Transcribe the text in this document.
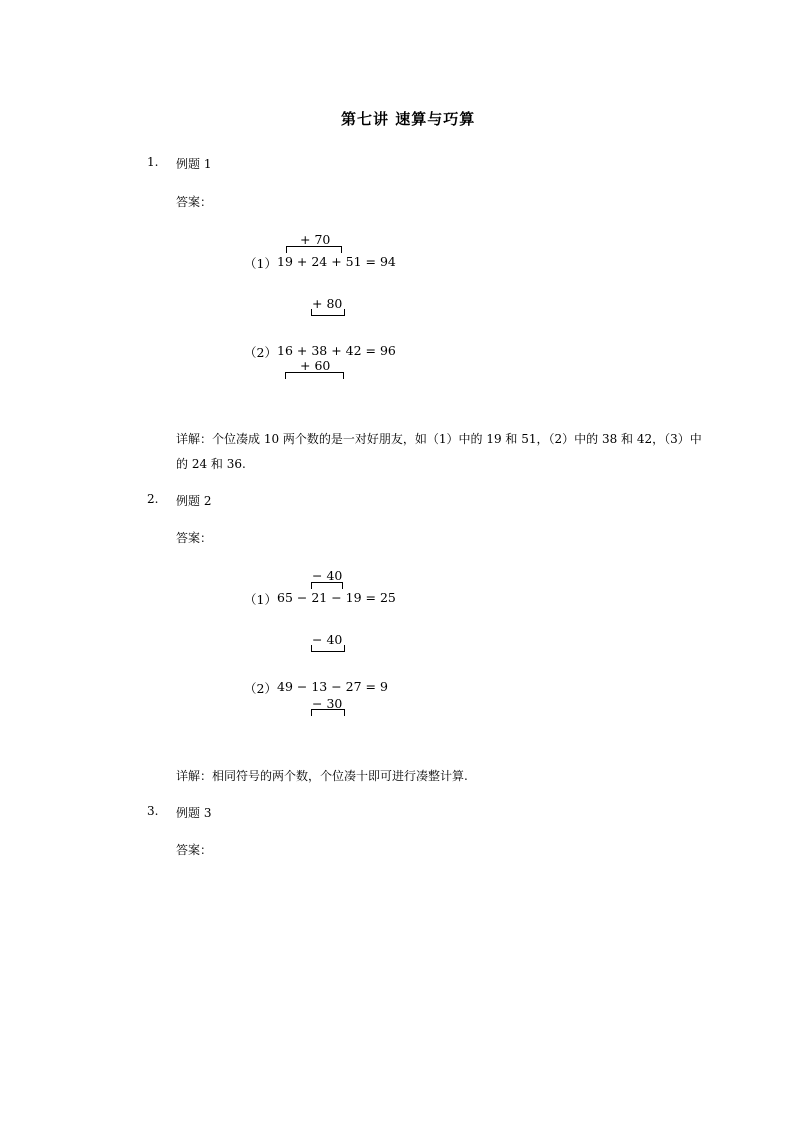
第七讲 速算与巧算
1. 例题 1
答案：
+ 70
（1） 19 + 24 + 51 = 94
+ 80
（2） 16 + 38 + 42 = 96
+ 60
详解：个位凑成 10 两个数的是一对好朋友，如（1）中的 19 和 51，（2）中的 38 和 42，（3）中
的 24 和 36.
2. 例题 2
答案：
− 40
（1） 65 − 21 − 19 = 25
− 40
（2） 49 − 13 − 27 = 9
− 30
详解：相同符号的两个数，个位凑十即可进行凑整计算.
3. 例题 3
答案：
